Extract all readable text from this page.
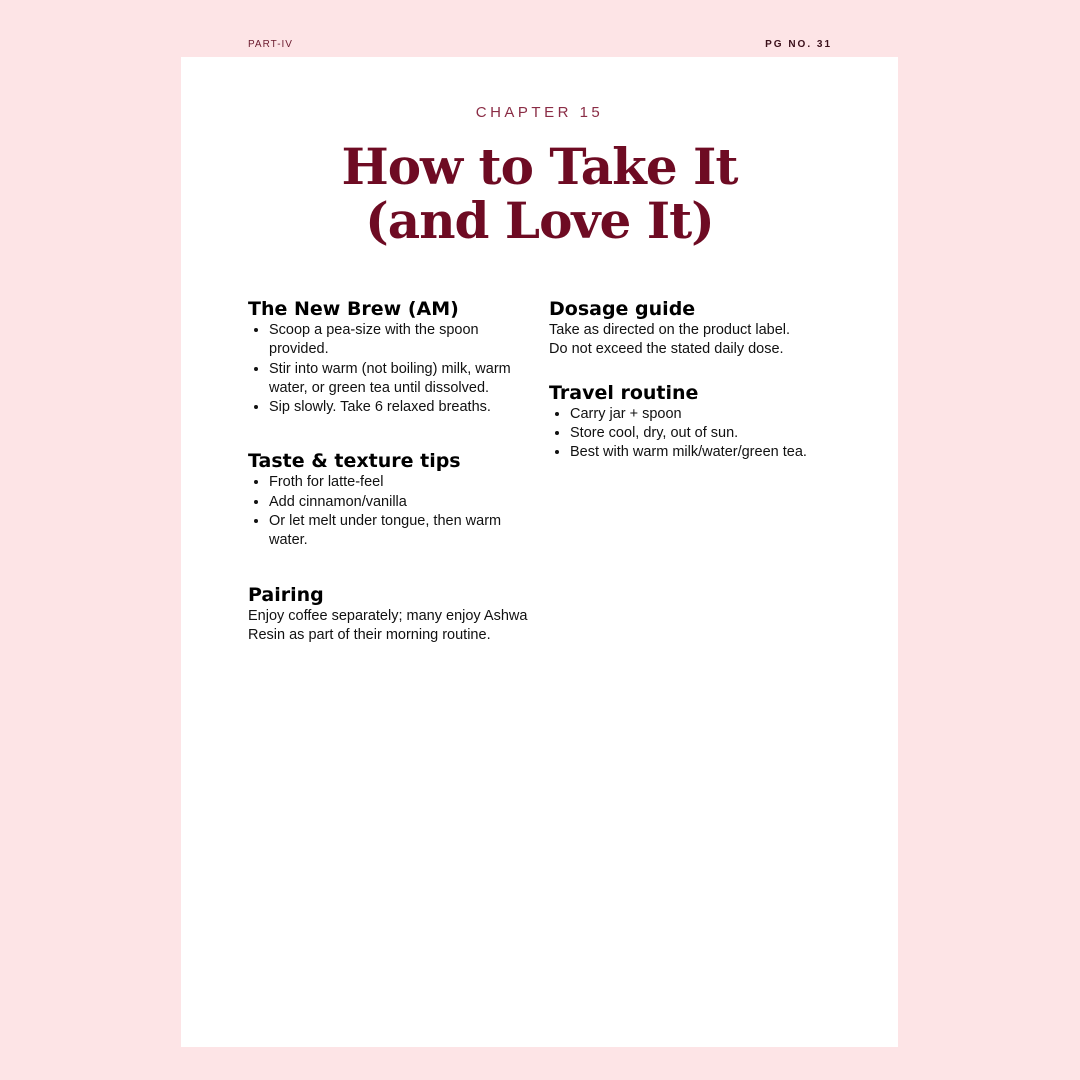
PART-IV	PG NO. 31
CHAPTER 15
How to Take It
(and Love It)
The New Brew (AM)
• Scoop a pea-size with the spoon provided.
• Stir into warm (not boiling) milk, warm water, or green tea until dissolved.
• Sip slowly. Take 6 relaxed breaths.
Taste & texture tips
• Froth for latte-feel
• Add cinnamon/vanilla
• Or let melt under tongue, then warm water.
Pairing

Enjoy coffee separately; many enjoy Ashwa Resin as part of their morning routine.

Dosage guide

Take as directed on the product label.
Do not exceed the stated daily dose.

Travel routine
• Carry jar + spoon
• Store cool, dry, out of sun.
• Best with warm milk/water/green tea.
